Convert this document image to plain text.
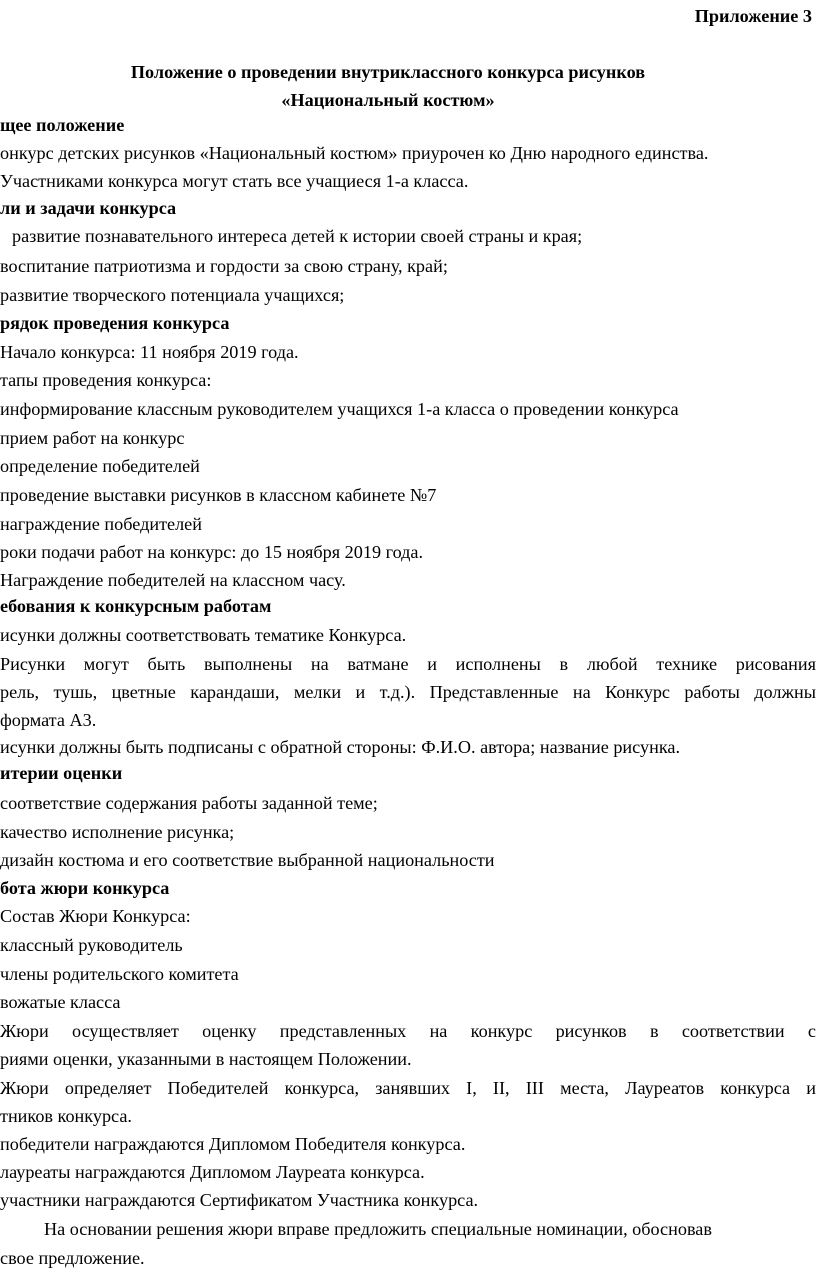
Приложение 3
Положение о проведении внутриклассного конкурса рисунков
«Национальный костюм»
щее положение
онкурс детских рисунков «Национальный костюм» приурочен ко Дню народного единства.
Участниками конкурса могут стать все учащиеся 1-а класса.
ли и задачи конкурса
развитие познавательного интереса детей к истории своей страны и края;
воспитание патриотизма и гордости за свою страну, край;
развитие творческого потенциала учащихся;
рядок проведения конкурса
Начало конкурса: 11 ноября 2019 года.
тапы проведения конкурса:
информирование классным руководителем учащихся 1-а класса о проведении конкурса
прием работ на конкурс
определение победителей
проведение выставки рисунков в классном кабинете №7
награждение победителей
роки подачи работ на конкурс: до 15 ноября 2019 года.
Награждение победителей на классном часу.
ебования к конкурсным работам
исунки должны соответствовать тематике Конкурса.
Рисунки могут быть выполнены на ватмане и исполнены в любой технике рисования
рель, тушь, цветные карандаши, мелки и т.д.). Представленные на Конкурс работы должны
формата А3.
исунки должны быть подписаны с обратной стороны: Ф.И.О. автора; название рисунка.
итерии оценки
соответствие содержания работы заданной теме;
качество исполнение рисунка;
дизайн костюма и его соответствие выбранной национальности
бота жюри конкурса
Состав Жюри Конкурса:
классный руководитель
члены родительского комитета
вожатые класса
Жюри осуществляет оценку представленных на конкурс рисунков в соответствии с
риями оценки, указанными в настоящем Положении.
Жюри определяет Победителей конкурса, занявших I, II, III места, Лауреатов конкурса и
тников конкурса.
победители награждаются Дипломом Победителя конкурса.
лауреаты награждаются Дипломом Лауреата конкурса.
участники награждаются Сертификатом Участника конкурса.
На основании решения жюри вправе предложить специальные номинации, обосновав
свое предложение.
